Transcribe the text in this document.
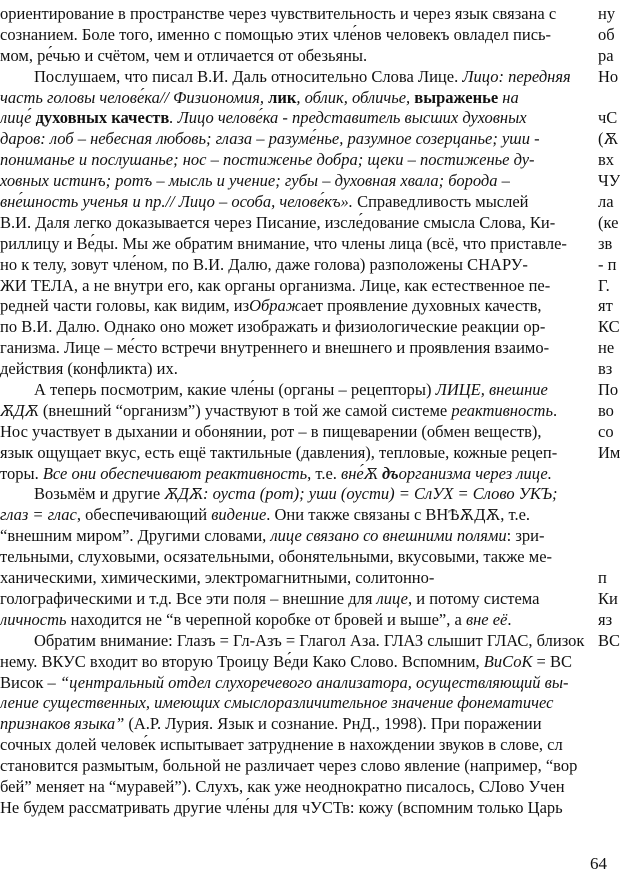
ориентирование в пространстве через чувствительность и через язык связана с	ну
сознанием. Боле того, именно с помощью этих чле́нов человекъ овладел пись-	об
мом, ре́чью и счётом, чем и отличается от обезьяны.	ра
Послушаем, что писал В.И. Даль относительно Слова Лице. Лицо: передняя	Но
часть головы челове́ка// Физиономия, лик, облик, обличье, выраженье на
лице́ духовных качеств. Лицо челове́ка - представитель высших духовных	чС
даров: лоб – небесная любовь; глаза – разуме́нье, разумное созерцанье; уши -	(Ѫ
пониманье и послушанье; нос – постиженье добра; щеки – постиженье ду-	вх
ховных истинъ; ротъ – мысль и учение; губы – духовная хвала; борода –	ЧУ
вне́шность ученья и пр.// Лицо – особа, челове́къ». Справедливость мыслей	ла
В.И. Даля легко доказывается через Писание, изсле́дование смысла Слова, Ки-	(ке
риллицу и Ве́ды. Мы же обратим внимание, что члены лица (всё, что приставле-	зв
но к телу, зовут чле́ном, по В.И. Далю, даже голова) разположены СНАРУ-	- п
ЖИ ТЕЛА, а не внутри его, как органы организма. Лице, как естественное пе-	Г.
редней части головы, как видим, изОбражает проявление духовных качеств,	ят
по В.И. Далю. Однако оно может изображать и физиологические реакции ор-	КС
ганизма. Лице – ме́сто встречи внутреннего и внешнего и проявления взаимо-	не
действия (конфликта) их.	вз
А теперь посмотрим, какие чле́ны (органы – рецепторы) ЛИЦЕ, внешние	По
ѪДѪ (внешний “организм”) участвуют в той же самой системе реактивность.	во
Нос участвует в дыхании и обонянии, рот – в пищеварении (обмен веществ),	со
язык ощущает вкус, есть ещё тактильные (давления), тепловые, кожные рецеп-	Им
торы. Все они обеспечивают реактивность, т.е. вне́Ѫ дъорганизма через лице.
Возьмём и другие ѪДѪ: оуста (рот); уши (оусти) = СлУХ = Слово УКЪ;
глаз = глас, обеспечивающий видение. Они также связаны с ВНѢѪДѪ, т.е.
“внешним миром”. Другими словами, лице связано со внешними полями: зри-
тельными, слуховыми, осязательными, обонятельными, вкусовыми, также ме-
ханическими, химическими, электромагнитными, солитонно-	п
голографическими и т.д. Все эти поля – внешние для лице, и потому система	Ки
личность находится не “в черепной коробке от бровей и выше”, а вне её.	яз
Обратим внимание: Глазъ = Гл-Азъ = Глагол Аза. ГЛАЗ слышит ГЛАС, близок ВС
нему. ВКУС входит во вторую Троицу Ве́ди Како Слово. Вспомним, ВиСоК = ВС
Висок – “центральный отдел слухоречевого анализатора, осуществляющий вы-
ление существенных, имеющих смыслоразличительное значение фонематичес
признаков языка” (А.Р. Лурия. Язык и сознание. РнД., 1998). При поражении
сочных долей челове́к испытывает затруднение в нахождении звуков в слове, сл
становится размытым, больной не различает через слово явление (например, “вор
бей” меняет на “муравей”). Слухъ, как уже неоднократно писалось, СЛово Учен
Не будем рассматривать другие чле́ны для чУСТв: кожу (вспомним только Царь
64
